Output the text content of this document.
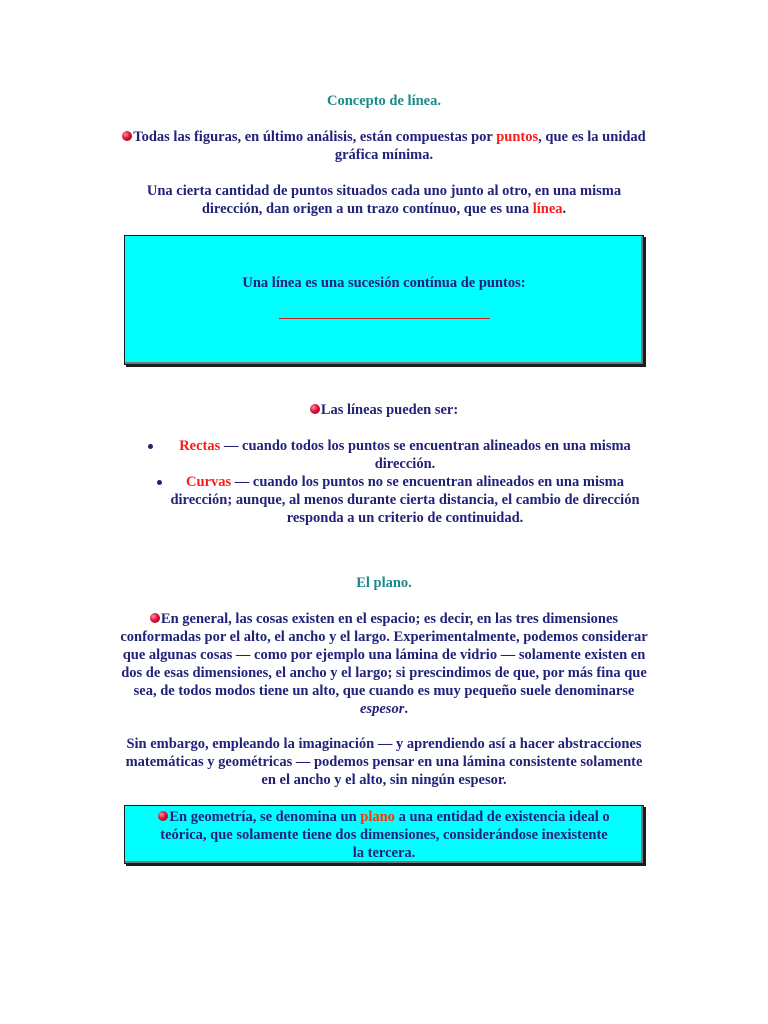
Concepto de línea.
Todas las figuras, en último análisis, están compuestas por puntos, que es la unidad
gráfica mínima.
Una cierta cantidad de puntos situados cada uno junto al otro, en una misma
dirección, dan origen a un trazo contínuo, que es una línea.
Una línea es una sucesión contínua de puntos:
Las líneas pueden ser:
Rectas — cuando todos los puntos se encuentran alineados en una misma
dirección.
Curvas — cuando los puntos no se encuentran alineados en una misma
dirección; aunque, al menos durante cierta distancia, el cambio de dirección
responda a un criterio de continuidad.
El plano.
En general, las cosas existen en el espacio; es decir, en las tres dimensiones
conformadas por el alto, el ancho y el largo. Experimentalmente, podemos considerar
que algunas cosas — como por ejemplo una lámina de vidrio — solamente existen en
dos de esas dimensiones, el ancho y el largo; si prescindimos de que, por más fina que
sea, de todos modos tiene un alto, que cuando es muy pequeño suele denominarse
espesor.
Sin embargo, empleando la imaginación — y aprendiendo así a hacer abstracciones
matemáticas y geométricas — podemos pensar en una lámina consistente solamente
en el ancho y el alto, sin ningún espesor.
En geometría, se denomina un plano a una entidad de existencia ideal o
teórica, que solamente tiene dos dimensiones, considerándose inexistente
la tercera.
